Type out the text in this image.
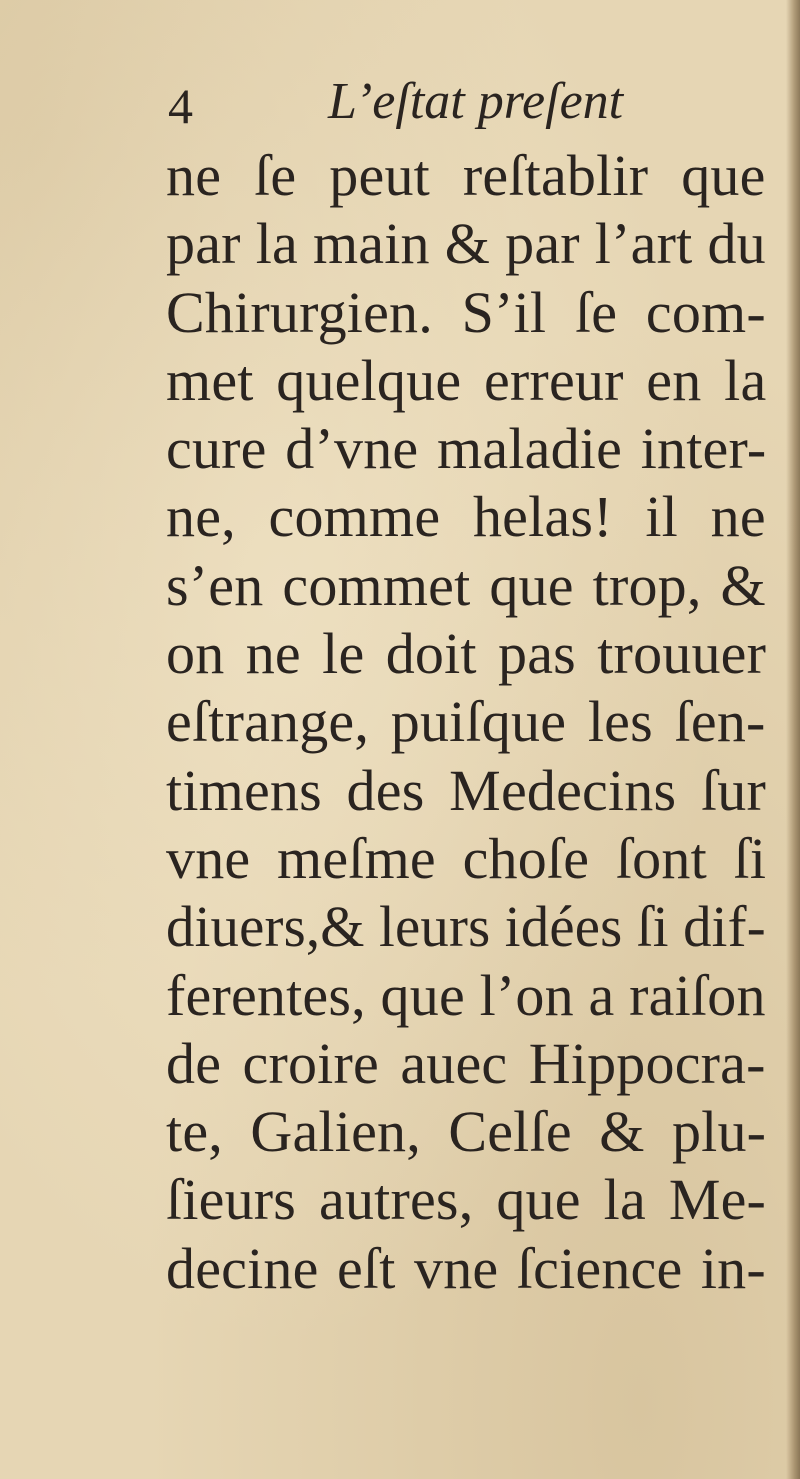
4	L’eſtat preſent
ne ſe peut reſtablir que
par la main & par l’art du
Chirurgien. S’il ſe com-
met quelque erreur en la
cure d’vne maladie inter-
ne, comme helas! il ne
s’en commet que trop, &
on ne le doit pas trouuer
eſtrange, puiſque les ſen-
timens des Medecins ſur
vne meſme choſe ſont ſi
diuers,& leurs idées ſi dif-
ferentes, que l’on a raiſon
de croire auec Hippocra-
te, Galien, Celſe & plu-
ſieurs autres, que la Me-
decine eſt vne ſcience in-
